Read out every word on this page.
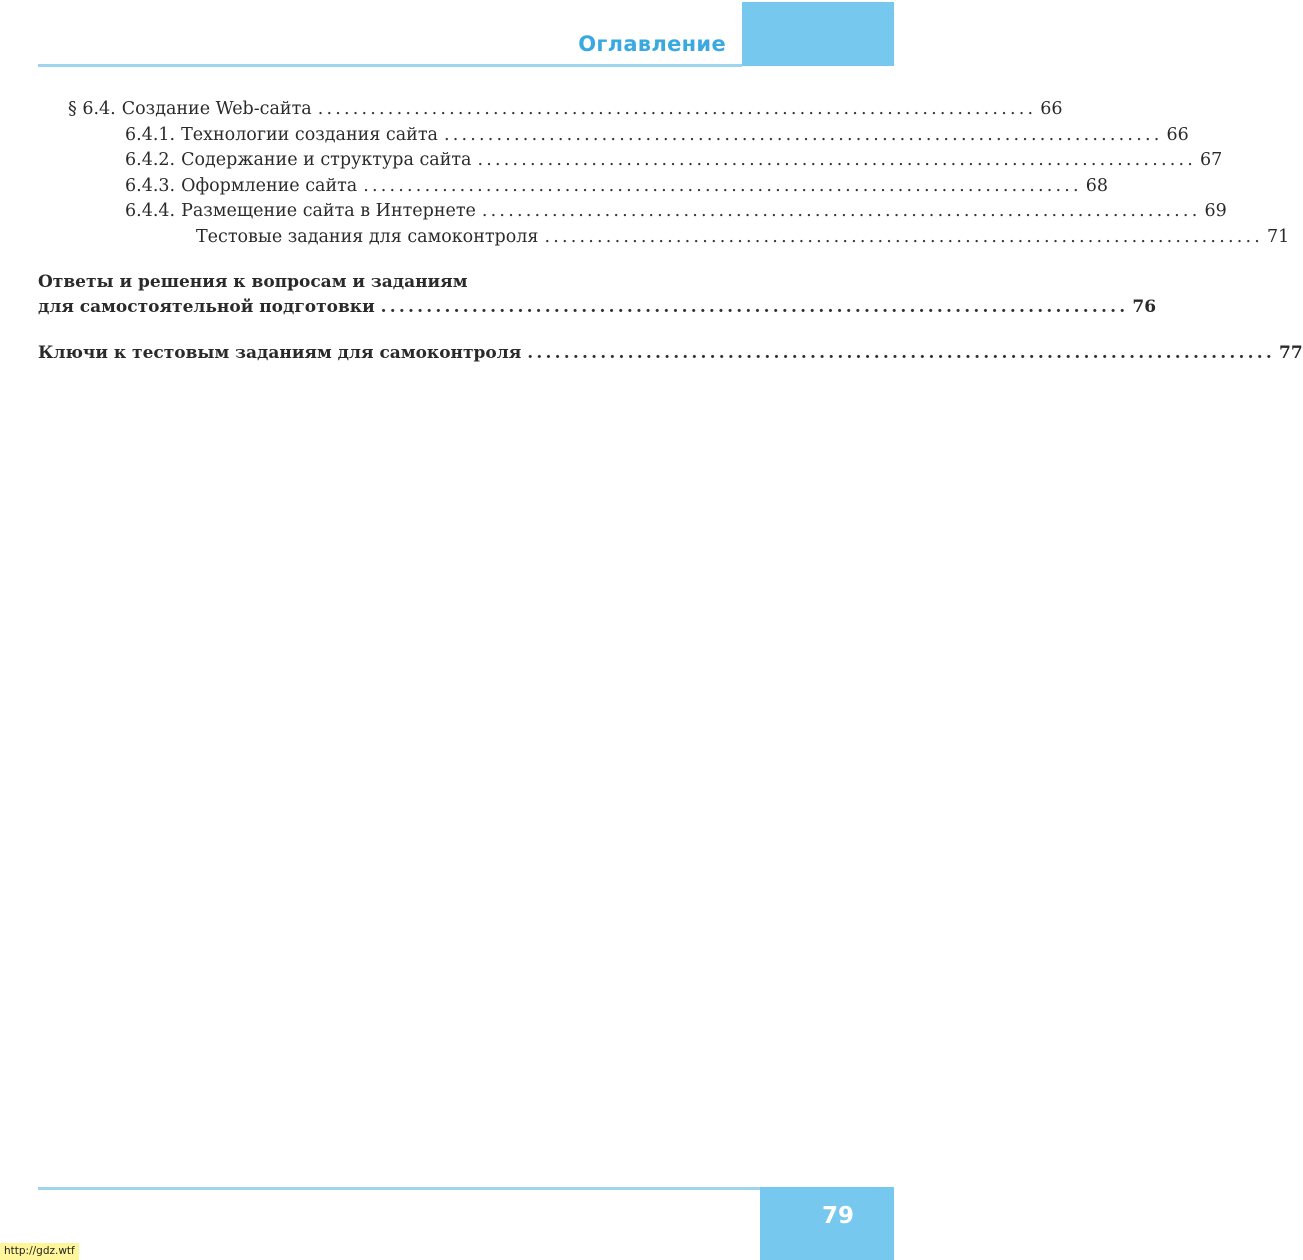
Оглавление
§ 6.4. Создание Web-сайта .................................................................................. 66
6.4.1. Технологии создания сайта .................................................................................. 66
6.4.2. Содержание и структура сайта .................................................................................. 67
6.4.3. Оформление сайта .................................................................................. 68
6.4.4. Размещение сайта в Интернете .................................................................................. 69
Тестовые задания для самоконтроля .................................................................................. 71
Ответы и решения к вопросам и заданиям
для самостоятельной подготовки .................................................................................. 76
Ключи к тестовым заданиям для самоконтроля .................................................................................. 77
79
http://gdz.wtf
